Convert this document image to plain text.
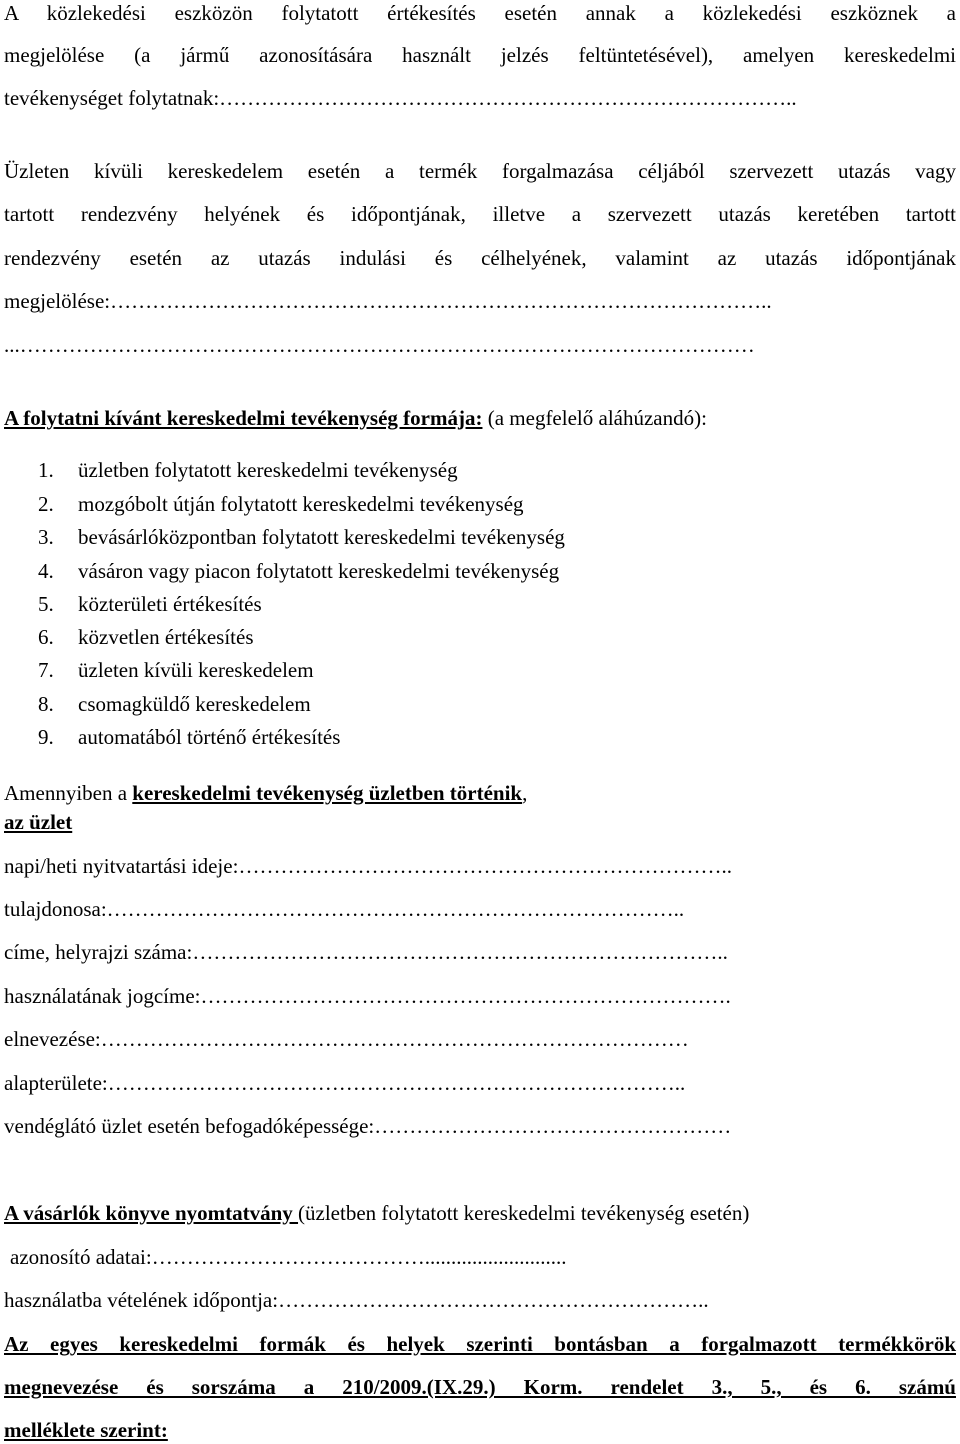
A közlekedési eszközön folytatott értékesítés esetén annak a közlekedési eszköznek a
megjelölése (a jármű azonosítására használt jelzés feltüntetésével), amelyen kereskedelmi
tevékenységet folytatnak:………………………………………………………………………..
Üzleten kívüli kereskedelem esetén a termék forgalmazása céljából szervezett utazás vagy
tartott rendezvény helyének és időpontjának, illetve a szervezett utazás keretében tartott
rendezvény esetén az utazás indulási és célhelyének, valamint az utazás időpontjának
megjelölése:…………………………………………………………………………………..
...……………………………………………………………………………………………
A folytatni kívánt kereskedelmi tevékenység formája: (a megfelelő aláhúzandó):
1. üzletben folytatott kereskedelmi tevékenység
2. mozgóbolt útján folytatott kereskedelmi tevékenység
3. bevásárlóközpontban folytatott kereskedelmi tevékenység
4. vásáron vagy piacon folytatott kereskedelmi tevékenység
5. közterületi értékesítés
6. közvetlen értékesítés
7. üzleten kívüli kereskedelem
8. csomagküldő kereskedelem
9. automatából történő értékesítés
Amennyiben a kereskedelmi tevékenység üzletben történik,
az üzlet
napi/heti nyitvatartási ideje:……………………………………………………………..
tulajdonosa:………………………………………………………………………..
címe, helyrajzi száma:…………………………………………………………………..
használatának jogcíme:………………………………………………………………….
elnevezése:…………………………………………………………………………
alapterülete:………………………………………………………………………..
vendéglátó üzlet esetén befogadóképessége:……………………………………………
A vásárlók könyve nyomtatvány (üzletben folytatott kereskedelmi tevékenység esetén)
azonosító adatai:…………………………………...........................
használatba vételének időpontja:……………………………………………………..
Az egyes kereskedelmi formák és helyek szerinti bontásban a forgalmazott termékkörök
megnevezése és sorszáma a 210/2009.(IX.29.) Korm. rendelet 3., 5., és 6. számú
melléklete szerint:
